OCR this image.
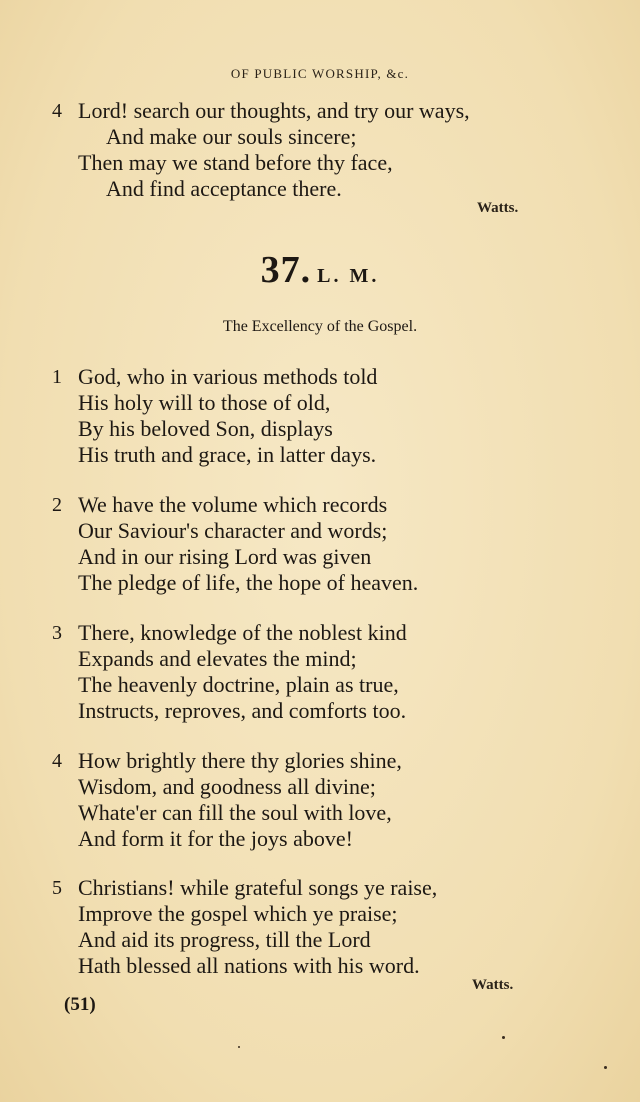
OF PUBLIC WORSHIP, &c.
4 Lord! search our thoughts, and try our ways,
And make our souls sincere;
Then may we stand before thy face,
And find acceptance there.
Watts.
37. L. M.
The Excellency of the Gospel.
1 God, who in various methods told
His holy will to those of old,
By his beloved Son, displays
His truth and grace, in latter days.
2 We have the volume which records
Our Saviour's character and words;
And in our rising Lord was given
The pledge of life, the hope of heaven.
3 There, knowledge of the noblest kind
Expands and elevates the mind;
The heavenly doctrine, plain as true,
Instructs, reproves, and comforts too.
4 How brightly there thy glories shine,
Wisdom, and goodness all divine;
Whate'er can fill the soul with love,
And form it for the joys above!
5 Christians! while grateful songs ye raise,
Improve the gospel which ye praise;
And aid its progress, till the Lord
Hath blessed all nations with his word.
Watts.
(51)
